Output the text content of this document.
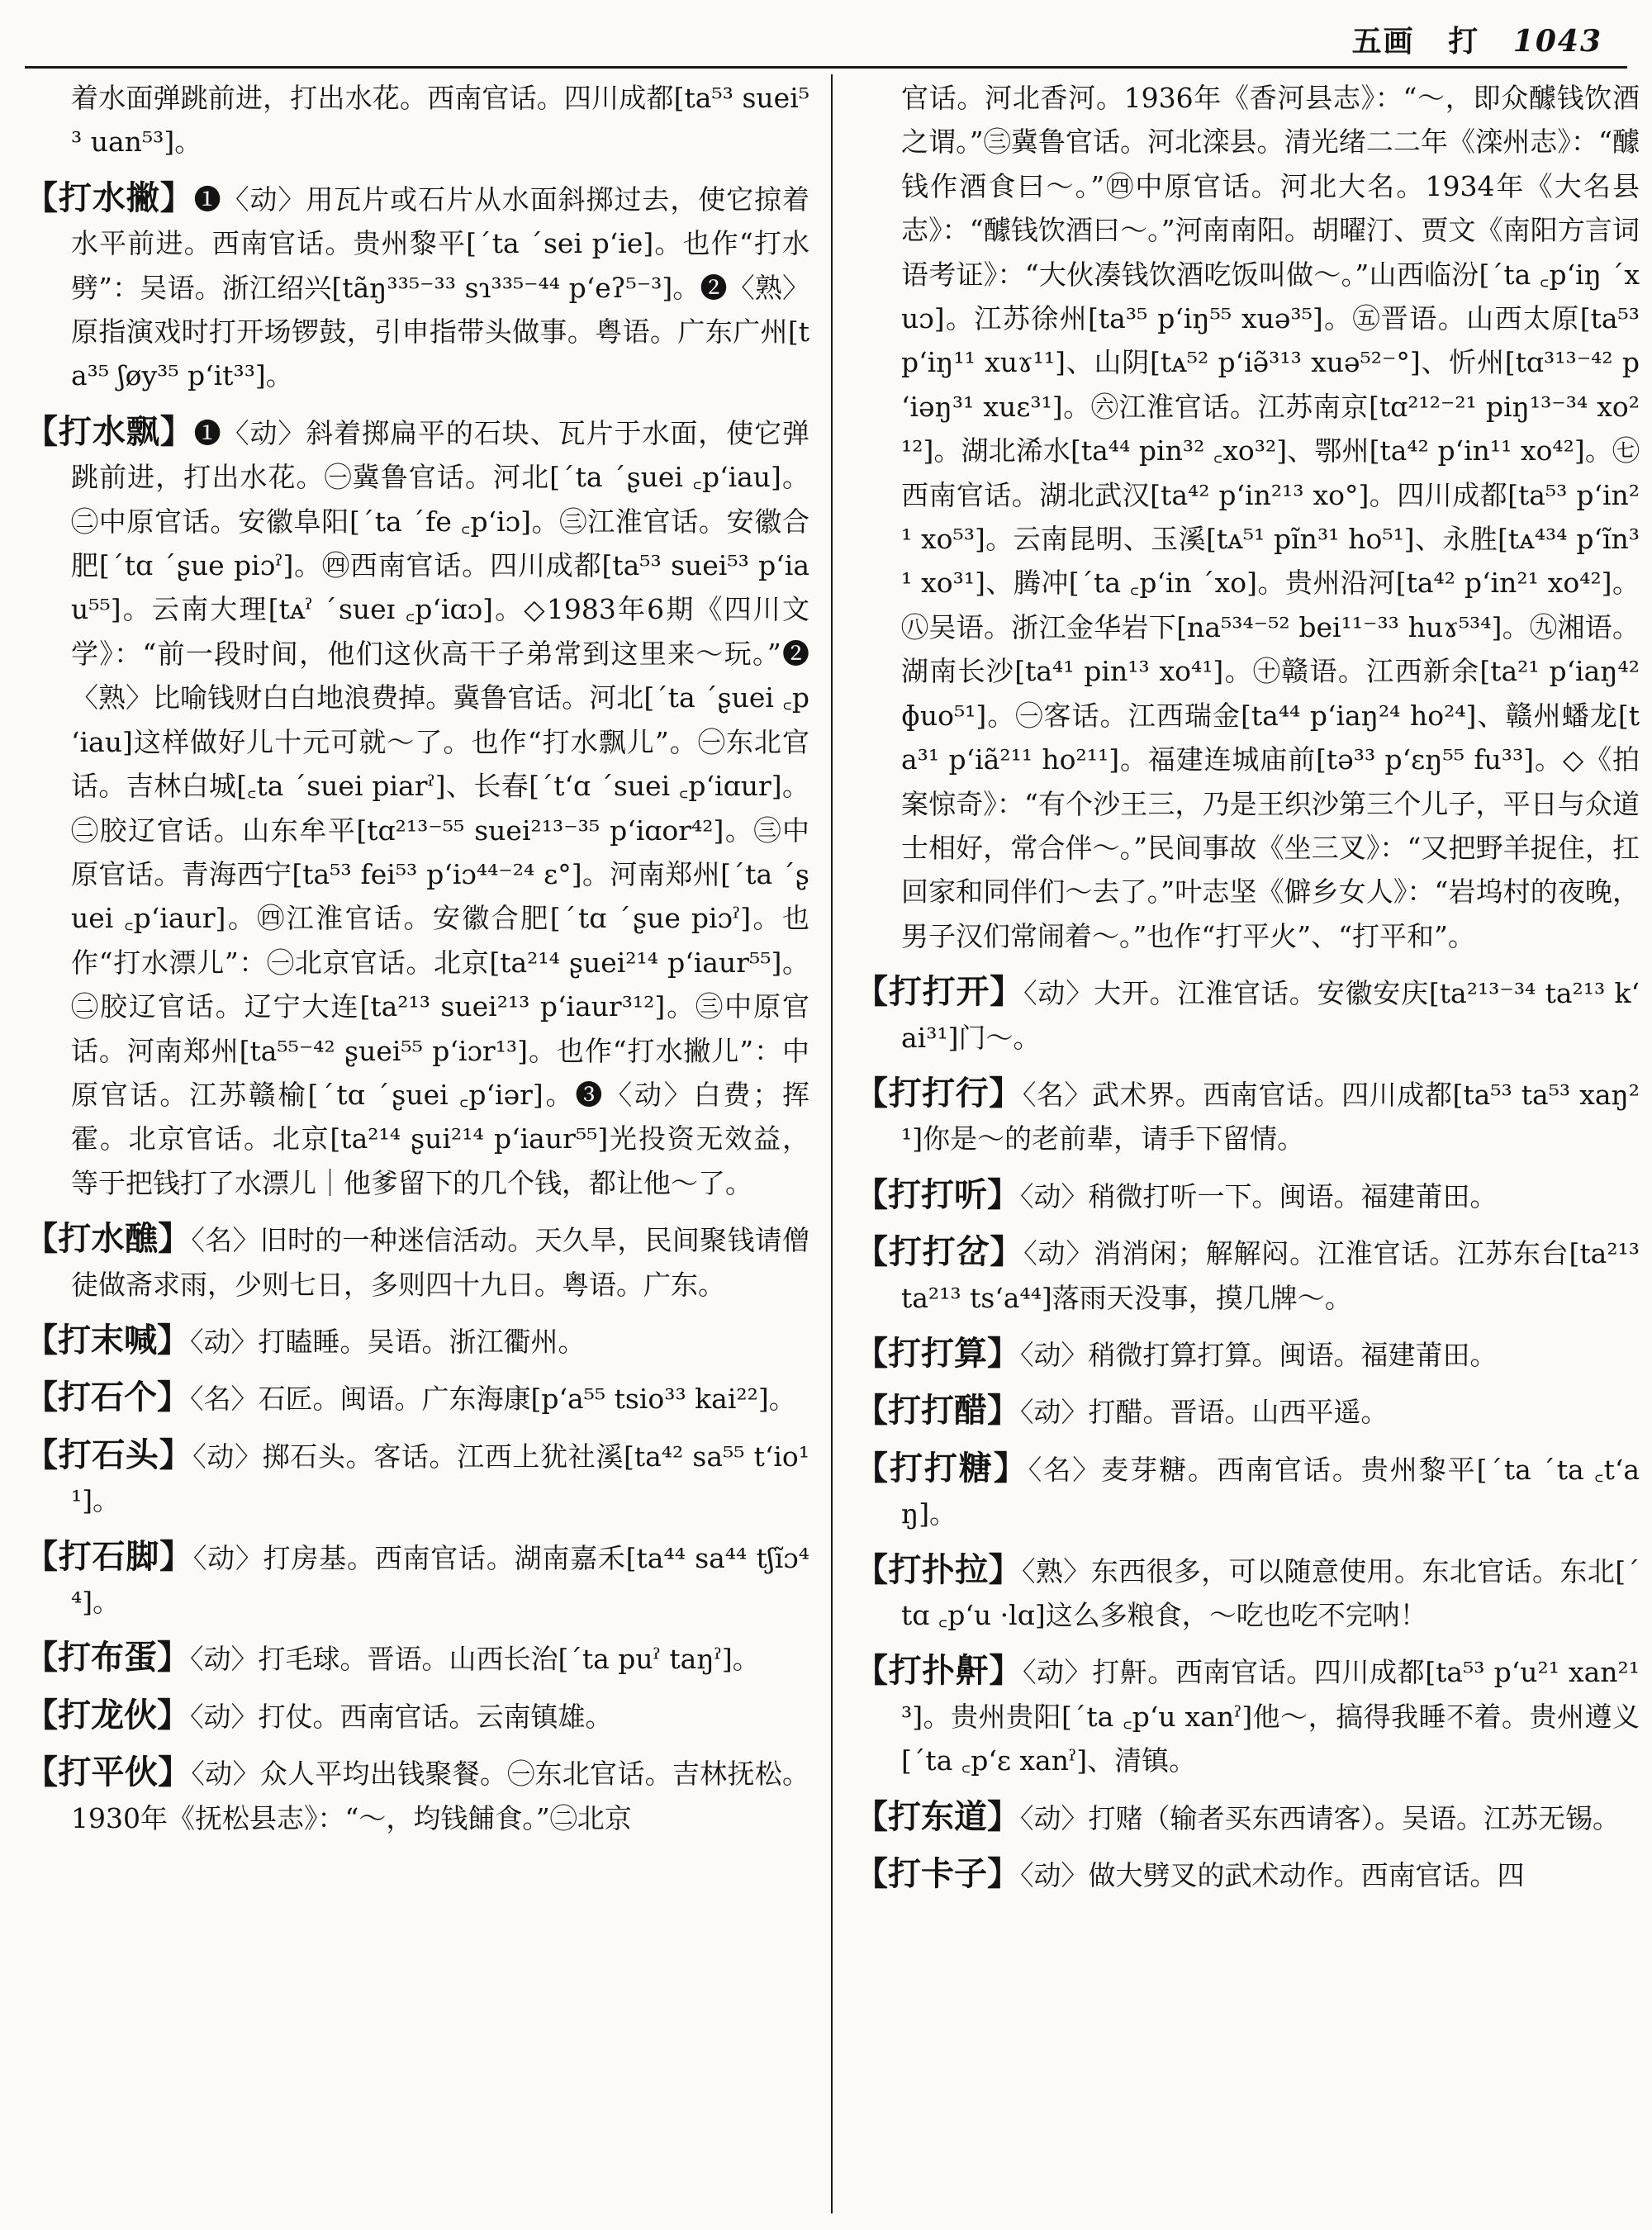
五画 打 1043

着水面弹跳前进，打出水花。西南官话。四川成都[ta⁵³ suei⁵³ uan⁵³]。

【打水撇】❶〈动〉用瓦片或石片从水面斜掷过去，使它掠着水平前进。西南官话。贵州黎平[ˊta ˊsei pʻie]。也作“打水劈”：吴语。浙江绍兴[tãŋ³³⁵⁻³³ sɿ³³⁵⁻⁴⁴ pʻeʔ⁵⁻³]。❷〈熟〉原指演戏时打开场锣鼓，引申指带头做事。粤语。广东广州[ta³⁵ ʃøy³⁵ pʻit³³]。

【打水飘】❶〈动〉斜着掷扁平的石块、瓦片于水面，使它弹跳前进，打出水花。㊀冀鲁官话。河北[ˊta ˊʂuei ꜀pʻiau]。㊁中原官话。安徽阜阳[ˊta ˊfe ꜀pʻiɔ]。㊂江淮官话。安徽合肥[ˊtɑ ˊʂue piɔˀ]。㊃西南官话。四川成都[ta⁵³ suei⁵³ pʻiau⁵⁵]。云南大理[tᴀˀ ˊsueɪ ꜀pʻiɑɔ]。◇1983年6期《四川文学》：“前一段时间，他们这伙高干子弟常到这里来～玩。”❷〈熟〉比喻钱财白白地浪费掉。冀鲁官话。河北[ˊta ˊʂuei ꜀pʻiau]这样做好儿十元可就～了。也作“打水飘儿”。㊀东北官话。吉林白城[꜀ta ˊsuei piarˀ]、长春[ˊtʻɑ ˊsuei ꜀pʻiɑur]。㊁胶辽官话。山东牟平[tɑ²¹³⁻⁵⁵ suei²¹³⁻³⁵ pʻiɑor⁴²]。㊂中原官话。青海西宁[ta⁵³ fei⁵³ pʻiɔ⁴⁴⁻²⁴ ɛ°]。河南郑州[ˊta ˊʂuei ꜀pʻiaur]。㊃江淮官话。安徽合肥[ˊtɑ ˊʂue piɔˀ]。也作“打水漂儿”：㊀北京官话。北京[ta²¹⁴ ʂuei²¹⁴ pʻiaur⁵⁵]。㊁胶辽官话。辽宁大连[ta²¹³ suei²¹³ pʻiaur³¹²]。㊂中原官话。河南郑州[ta⁵⁵⁻⁴² ʂuei⁵⁵ pʻiɔr¹³]。也作“打水撇儿”：中原官话。江苏赣榆[ˊtɑ ˊʂuei ꜀pʻiər]。❸〈动〉白费；挥霍。北京官话。北京[ta²¹⁴ ʂui²¹⁴ pʻiaur⁵⁵]光投资无效益，等于把钱打了水漂儿｜他爹留下的几个钱，都让他～了。

【打水醮】〈名〉旧时的一种迷信活动。天久旱，民间聚钱请僧徒做斋求雨，少则七日，多则四十九日。粤语。广东。

【打末喊】〈动〉打瞌睡。吴语。浙江衢州。

【打石个】〈名〉石匠。闽语。广东海康[pʻa⁵⁵ tsio³³ kai²²]。

【打石头】〈动〉掷石头。客话。江西上犹社溪[ta⁴² sa⁵⁵ tʻio¹¹]。

【打石脚】〈动〉打房基。西南官话。湖南嘉禾[ta⁴⁴ sa⁴⁴ tʃĩɔ⁴⁴]。

【打布蛋】〈动〉打毛球。晋语。山西长治[ˊta puˀ taŋˀ]。

【打龙伙】〈动〉打仗。西南官话。云南镇雄。

【打平伙】〈动〉众人平均出钱聚餐。㊀东北官话。吉林抚松。1930年《抚松县志》：“～，均钱餔食。”㊁北京

官话。河北香河。1936年《香河县志》：“～，即众醵钱饮酒之谓。”㊂冀鲁官话。河北滦县。清光绪二二年《滦州志》：“醵钱作酒食曰～。”㊃中原官话。河北大名。1934年《大名县志》：“醵钱饮酒曰～。”河南南阳。胡曜汀、贾文《南阳方言词语考证》：“大伙凑钱饮酒吃饭叫做～。”山西临汾[ˊta ꜀pʻiŋ ˊxuɔ]。江苏徐州[ta³⁵ pʻiŋ⁵⁵ xuə³⁵]。㊄晋语。山西太原[ta⁵³ pʻiŋ¹¹ xuɤ¹¹]、山阴[tᴀ⁵² pʻiə̃³¹³ xuə⁵²⁻°]、忻州[tɑ³¹³⁻⁴² pʻiəŋ³¹ xuɛ³¹]。㊅江淮官话。江苏南京[tɑ²¹²⁻²¹ piŋ¹³⁻³⁴ xo²¹²]。湖北浠水[ta⁴⁴ pin³² ꜀xo³²]、鄂州[ta⁴² pʻin¹¹ xo⁴²]。㊆西南官话。湖北武汉[ta⁴² pʻin²¹³ xo°]。四川成都[ta⁵³ pʻin²¹ xo⁵³]。云南昆明、玉溪[tᴀ⁵¹ pĩn³¹ ho⁵¹]、永胜[tᴀ⁴³⁴ pʻĩn³¹ xo³¹]、腾冲[ˊta ꜀pʻin ˊxo]。贵州沿河[ta⁴² pʻin²¹ xo⁴²]。㊇吴语。浙江金华岩下[na⁵³⁴⁻⁵² bei¹¹⁻³³ huɤ⁵³⁴]。㊈湘语。湖南长沙[ta⁴¹ pin¹³ xo⁴¹]。㊉赣语。江西新余[ta²¹ pʻiaŋ⁴² ɸuo⁵¹]。㊀客话。江西瑞金[ta⁴⁴ pʻiaŋ²⁴ ho²⁴]、赣州蟠龙[ta³¹ pʻiã²¹¹ ho²¹¹]。福建连城庙前[tə³³ pʻɛŋ⁵⁵ fu³³]。◇《拍案惊奇》：“有个沙王三，乃是王织沙第三个儿子，平日与众道士相好，常合伴～。”民间事故《坐三叉》：“又把野羊捉住，扛回家和同伴们～去了。”叶志坚《僻乡女人》：“岩坞村的夜晚，男子汉们常闹着～。”也作“打平火”、“打平和”。

【打打开】〈动〉大开。江淮官话。安徽安庆[ta²¹³⁻³⁴ ta²¹³ kʻai³¹]门～。

【打打行】〈名〉武术界。西南官话。四川成都[ta⁵³ ta⁵³ xaŋ²¹]你是～的老前辈，请手下留情。

【打打听】〈动〉稍微打听一下。闽语。福建莆田。

【打打岔】〈动〉消消闲；解解闷。江淮官话。江苏东台[ta²¹³ ta²¹³ tsʻa⁴⁴]落雨天没事，摸几牌～。

【打打算】〈动〉稍微打算打算。闽语。福建莆田。

【打打醋】〈动〉打醋。晋语。山西平遥。

【打打糖】〈名〉麦芽糖。西南官话。贵州黎平[ˊta ˊta ꜀tʻaŋ]。

【打扑拉】〈熟〉东西很多，可以随意使用。东北官话。东北[ˊtɑ ꜀pʻu ·lɑ]这么多粮食，～吃也吃不完呐！

【打扑鼾】〈动〉打鼾。西南官话。四川成都[ta⁵³ pʻu²¹ xan²¹³]。贵州贵阳[ˊta ꜀pʻu xanˀ]他～，搞得我睡不着。贵州遵义[ˊta ꜀pʻɛ xanˀ]、清镇。

【打东道】〈动〉打赌（输者买东西请客）。吴语。江苏无锡。

【打卡子】〈动〉做大劈叉的武术动作。西南官话。四
